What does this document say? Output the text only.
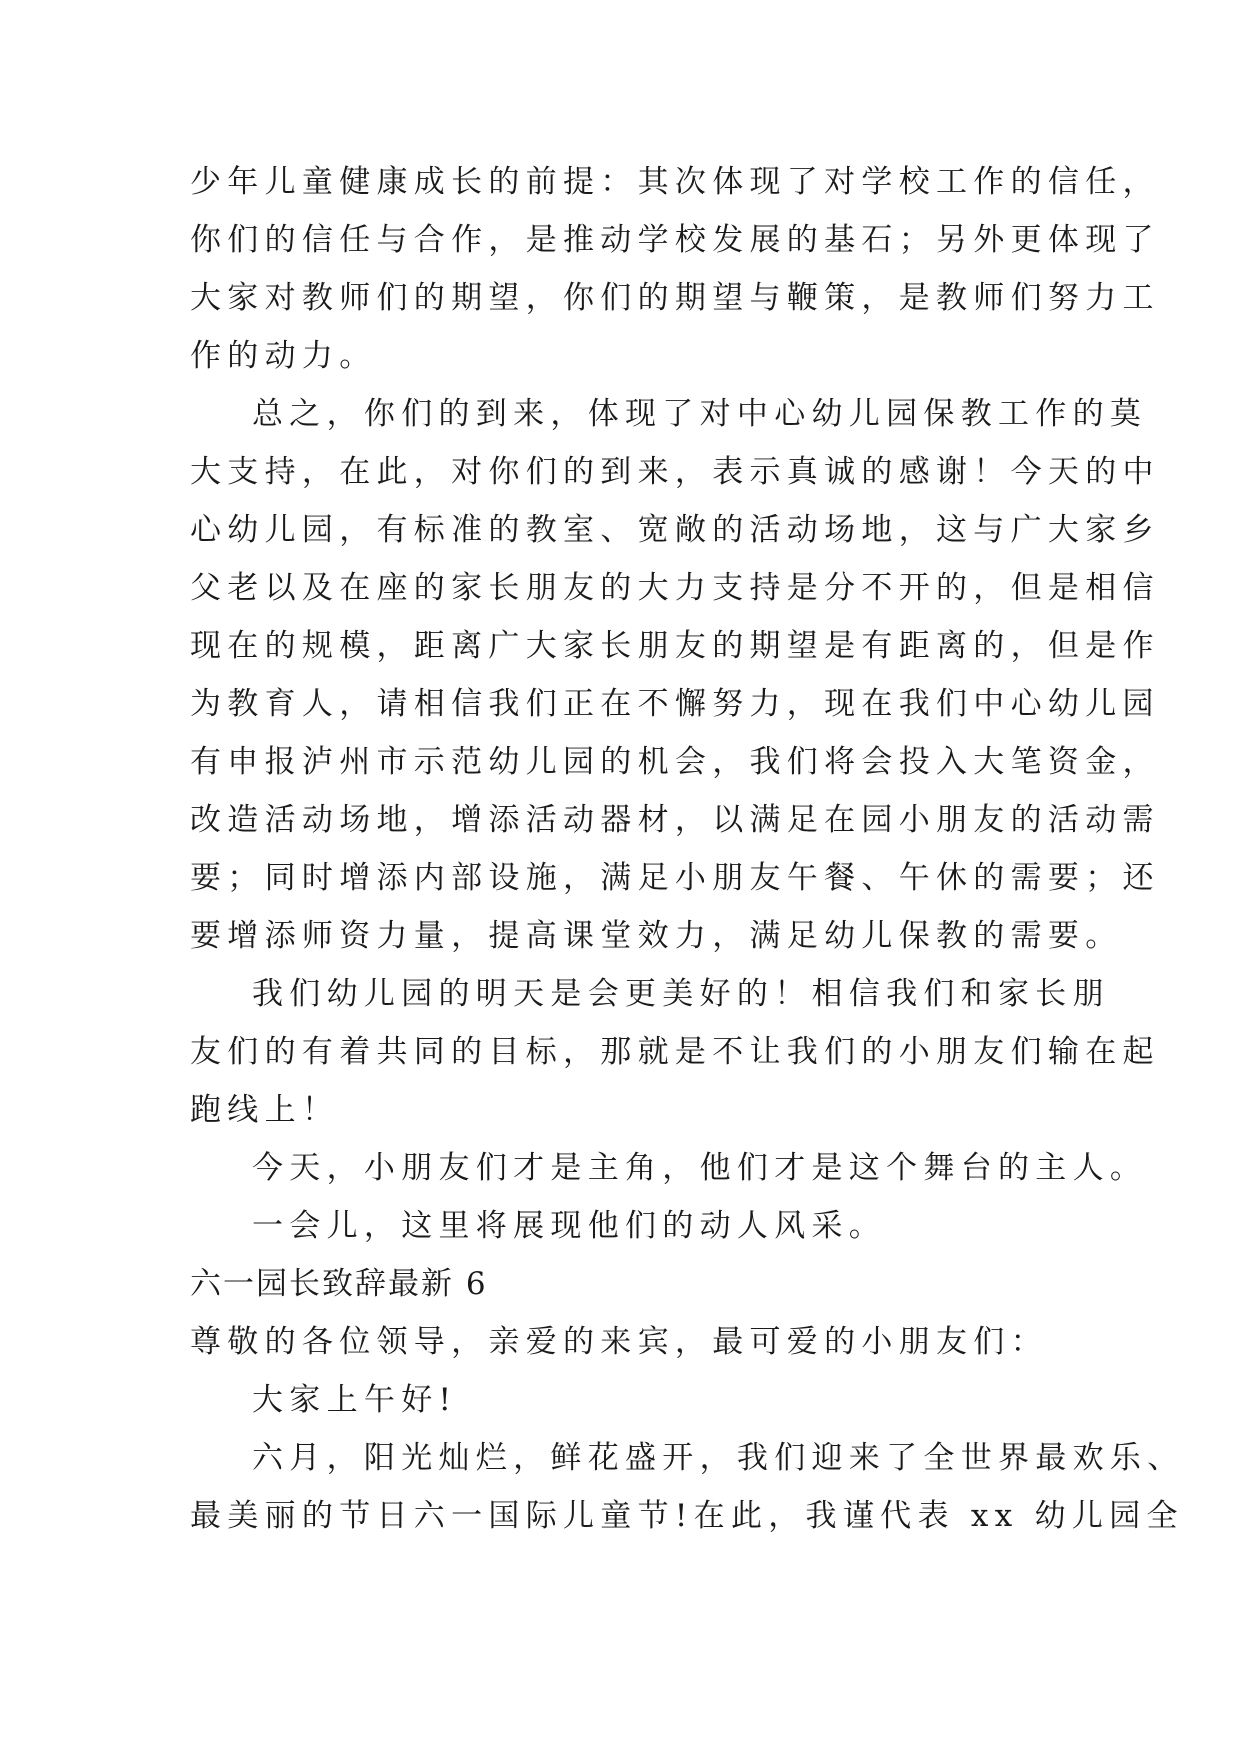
少年儿童健康成长的前提：其次体现了对学校工作的信任，

你们的信任与合作，是推动学校发展的基石；另外更体现了

大家对教师们的期望，你们的期望与鞭策，是教师们努力工

作的动力。

总之，你们的到来，体现了对中心幼儿园保教工作的莫

大支持，在此，对你们的到来，表示真诚的感谢！今天的中

心幼儿园，有标准的教室、宽敞的活动场地，这与广大家乡

父老以及在座的家长朋友的大力支持是分不开的，但是相信

现在的规模，距离广大家长朋友的期望是有距离的，但是作

为教育人，请相信我们正在不懈努力，现在我们中心幼儿园

有申报泸州市示范幼儿园的机会，我们将会投入大笔资金，

改造活动场地，增添活动器材，以满足在园小朋友的活动需

要；同时增添内部设施，满足小朋友午餐、午休的需要；还

要增添师资力量，提高课堂效力，满足幼儿保教的需要。

我们幼儿园的明天是会更美好的！相信我们和家长朋

友们的有着共同的目标，那就是不让我们的小朋友们输在起

跑线上！

今天，小朋友们才是主角，他们才是这个舞台的主人。

一会儿，这里将展现他们的动人风采。

六一园长致辞最新 6

尊敬的各位领导，亲爱的来宾，最可爱的小朋友们：

大家上午好!

六月，阳光灿烂，鲜花盛开，我们迎来了全世界最欢乐、

最美丽的节日六一国际儿童节!在此，我谨代表 xx 幼儿园全
